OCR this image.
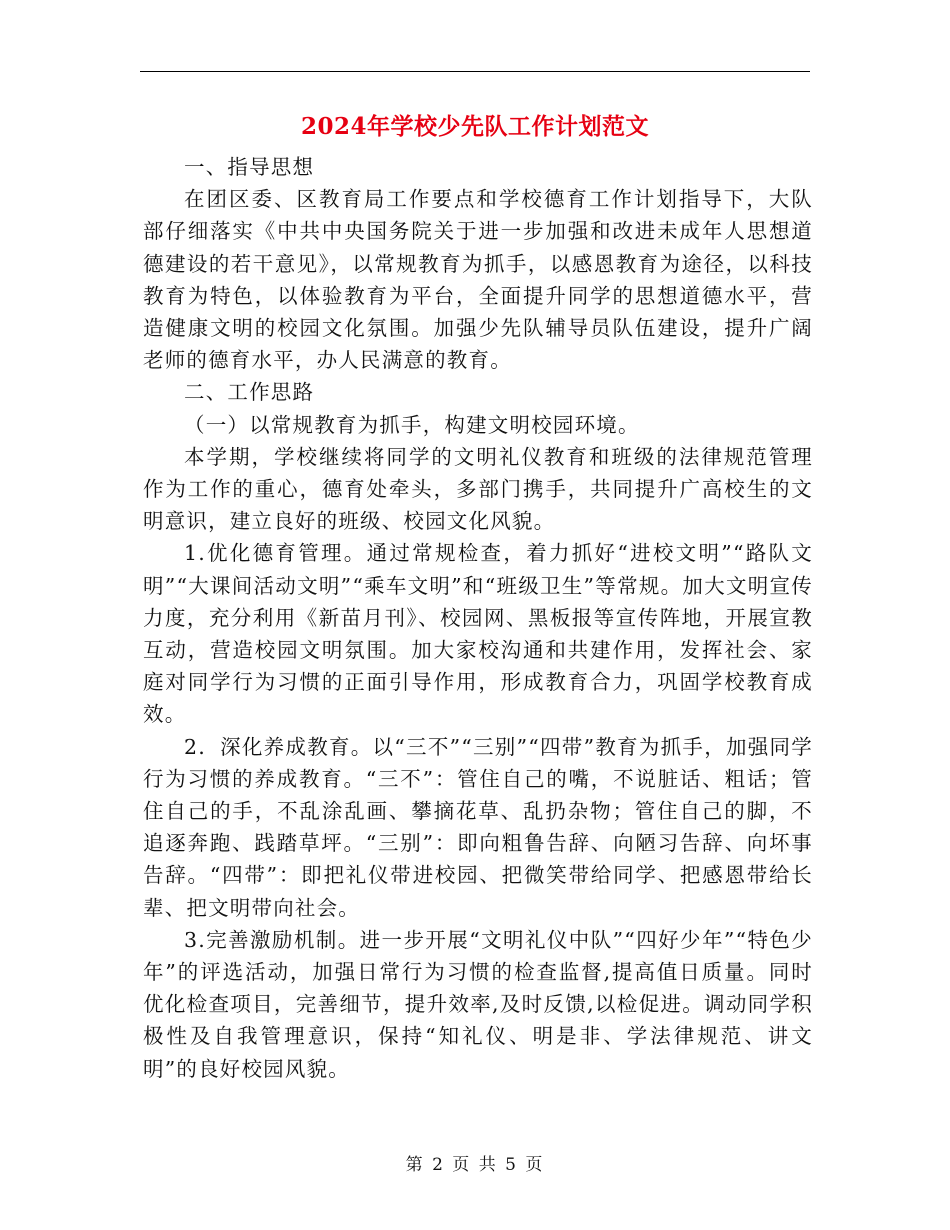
2024年学校少先队工作计划范文

一、指导思想

在团区委、区教育局工作要点和学校德育工作计划指导下，大队部仔细落实《中共中央国务院关于进一步加强和改进未成年人思想道德建设的若干意见》，以常规教育为抓手，以感恩教育为途径，以科技教育为特色，以体验教育为平台，全面提升同学的思想道德水平，营造健康文明的校园文化氛围。加强少先队辅导员队伍建设，提升广阔老师的德育水平，办人民满意的教育。

二、工作思路

（一）以常规教育为抓手，构建文明校园环境。

本学期，学校继续将同学的文明礼仪教育和班级的法律规范管理作为工作的重心，德育处牵头，多部门携手，共同提升广高校生的文明意识，建立良好的班级、校园文化风貌。

1.优化德育管理。通过常规检查，着力抓好“进校文明”“路队文明”“大课间活动文明”“乘车文明”和“班级卫生”等常规。加大文明宣传力度，充分利用《新苗月刊》、校园网、黑板报等宣传阵地，开展宣教互动，营造校园文明氛围。加大家校沟通和共建作用，发挥社会、家庭对同学行为习惯的正面引导作用，形成教育合力，巩固学校教育成效。

2．深化养成教育。以“三不”“三别”“四带”教育为抓手，加强同学行为习惯的养成教育。“三不”：管住自己的嘴，不说脏话、粗话；管住自己的手，不乱涂乱画、攀摘花草、乱扔杂物；管住自己的脚，不追逐奔跑、践踏草坪。“三别”：即向粗鲁告辞、向陋习告辞、向坏事告辞。“四带”：即把礼仪带进校园、把微笑带给同学、把感恩带给长辈、把文明带向社会。

3.完善激励机制。进一步开展“文明礼仪中队”“四好少年”“特色少年”的评选活动，加强日常行为习惯的检查监督,提高值日质量。同时优化检查项目，完善细节，提升效率,及时反馈,以检促进。调动同学积极性及自我管理意识，保持“知礼仪、明是非、学法律规范、讲文明”的良好校园风貌。

第 2 页 共 5 页
